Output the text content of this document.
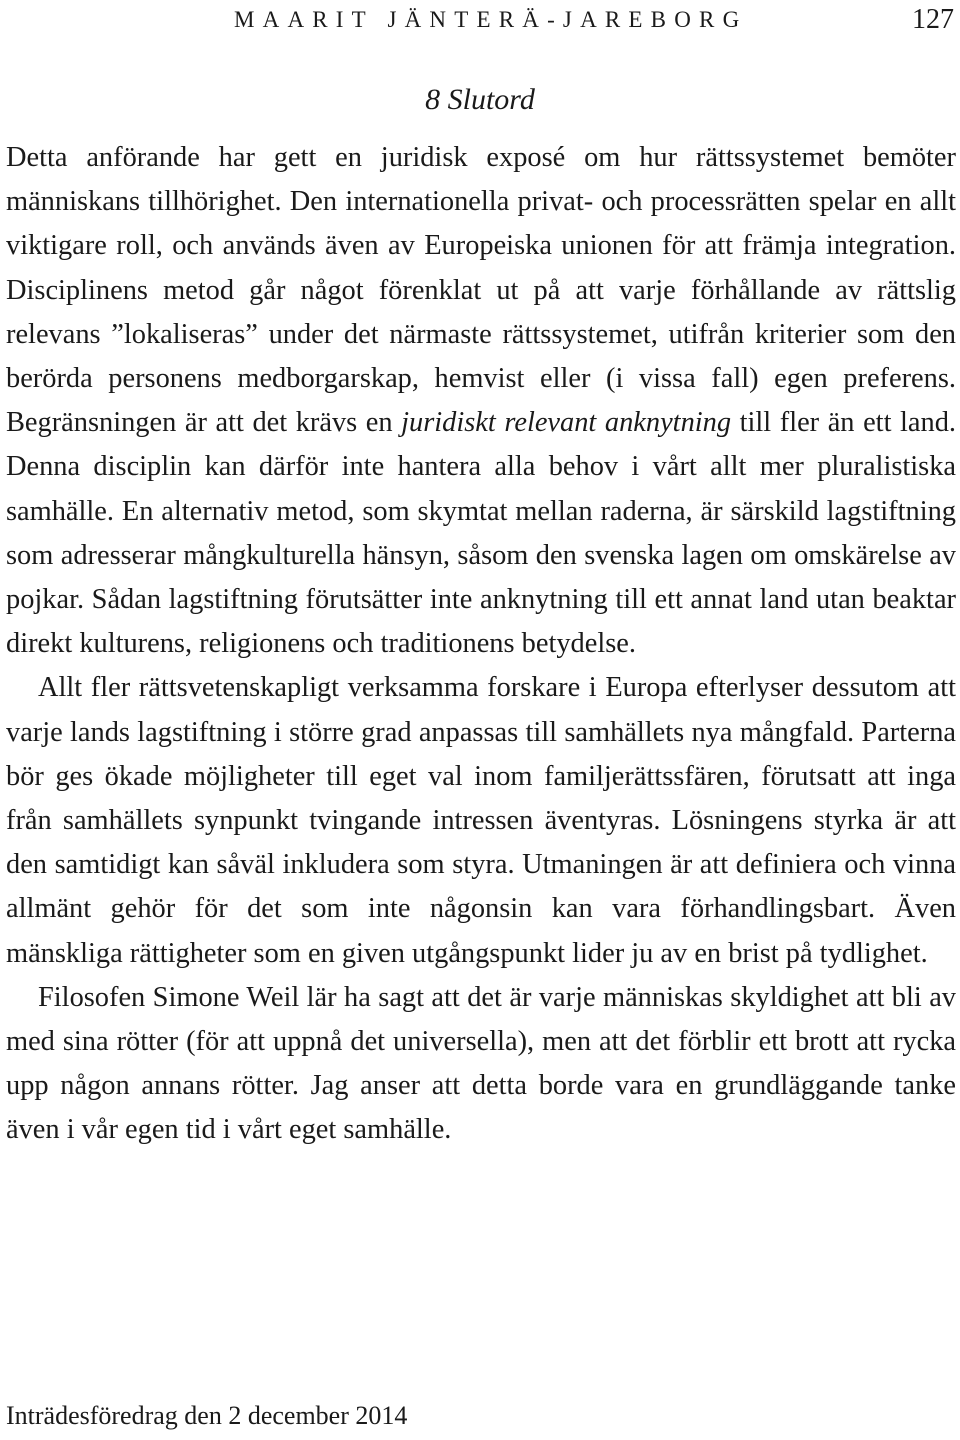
MAARIT JÄNTERÄ-JAREBORG	127
8 Slutord

Detta anförande har gett en juridisk exposé om hur rättssystemet bemöter människans tillhörighet. Den internationella privat- och processrätten spelar en allt viktigare roll, och används även av Europeiska unionen för att främja integration. Disciplinens metod går något förenklat ut på att varje förhållande av rättslig relevans ”lokaliseras” under det närmaste rättssystemet, utifrån kriterier som den berörda personens medborgarskap, hemvist eller (i vissa fall) egen preferens. Begränsningen är att det krävs en juridiskt relevant anknytning till fler än ett land. Denna disciplin kan därför inte hantera alla behov i vårt allt mer pluralistiska samhälle. En alternativ metod, som skymtat mellan raderna, är särskild lagstiftning som adresserar mångkulturella hänsyn, såsom den svenska lagen om omskärelse av pojkar. Sådan lagstiftning förutsätter inte anknytning till ett annat land utan beaktar direkt kulturens, religionens och traditionens betydelse.

Allt fler rättsvetenskapligt verksamma forskare i Europa efterlyser dessutom att varje lands lagstiftning i större grad anpassas till samhällets nya mångfald. Parterna bör ges ökade möjligheter till eget val inom familjerättssfären, förutsatt att inga från samhällets synpunkt tvingande intressen äventyras. Lösningens styrka är att den samtidigt kan såväl inkludera som styra. Utmaningen är att definiera och vinna allmänt gehör för det som inte någonsin kan vara förhandlingsbart. Även mänskliga rättigheter som en given utgångspunkt lider ju av en brist på tydlighet.

Filosofen Simone Weil lär ha sagt att det är varje människas skyldighet att bli av med sina rötter (för att uppnå det universella), men att det förblir ett brott att rycka upp någon annans rötter. Jag anser att detta borde vara en grundläggande tanke även i vår egen tid i vårt eget samhälle.

Inträdesföredrag den 2 december 2014
